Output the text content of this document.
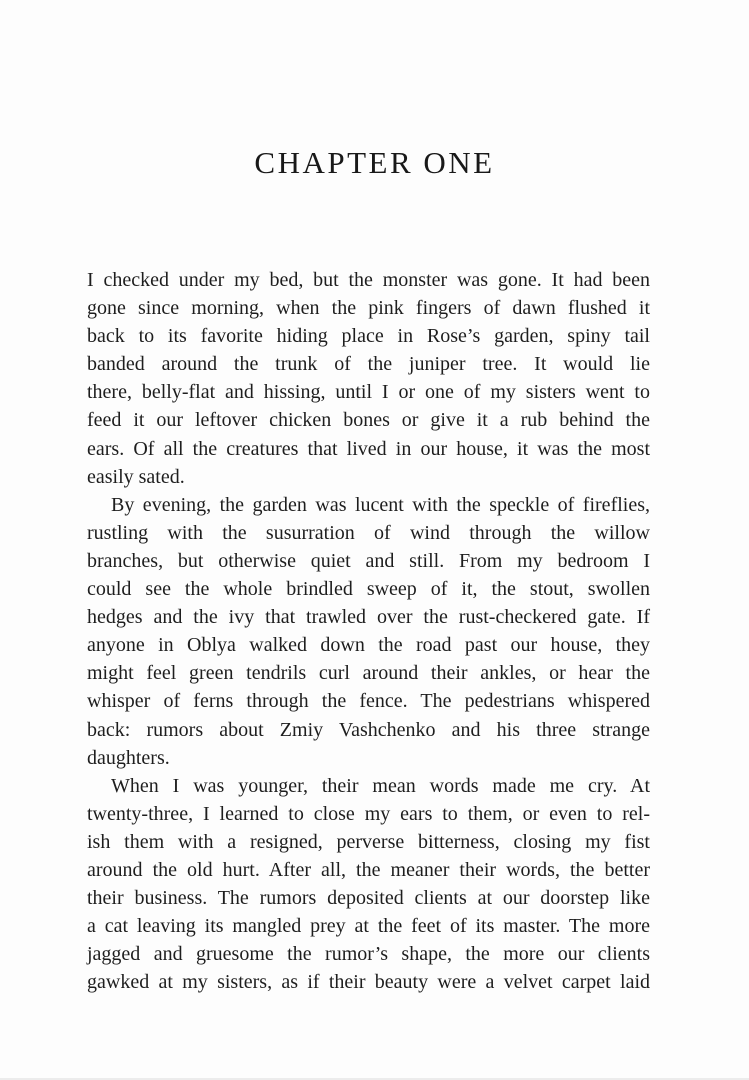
CHAPTER ONE
I checked under my bed, but the monster was gone. It had been
gone since morning, when the pink fingers of dawn flushed it
back to its favorite hiding place in Rose’s garden, spiny tail
banded around the trunk of the juniper tree. It would lie
there, belly-flat and hissing, until I or one of my sisters went to
feed it our leftover chicken bones or give it a rub behind the
ears. Of all the creatures that lived in our house, it was the most
easily sated.
By evening, the garden was lucent with the speckle of fireflies,
rustling with the susurration of wind through the willow
branches, but otherwise quiet and still. From my bedroom I
could see the whole brindled sweep of it, the stout, swollen
hedges and the ivy that trawled over the rust-checkered gate. If
anyone in Oblya walked down the road past our house, they
might feel green tendrils curl around their ankles, or hear the
whisper of ferns through the fence. The pedestrians whispered
back: rumors about Zmiy Vashchenko and his three strange
daughters.
When I was younger, their mean words made me cry. At
twenty-three, I learned to close my ears to them, or even to rel-
ish them with a resigned, perverse bitterness, closing my fist
around the old hurt. After all, the meaner their words, the better
their business. The rumors deposited clients at our doorstep like
a cat leaving its mangled prey at the feet of its master. The more
jagged and gruesome the rumor’s shape, the more our clients
gawked at my sisters, as if their beauty were a velvet carpet laid
